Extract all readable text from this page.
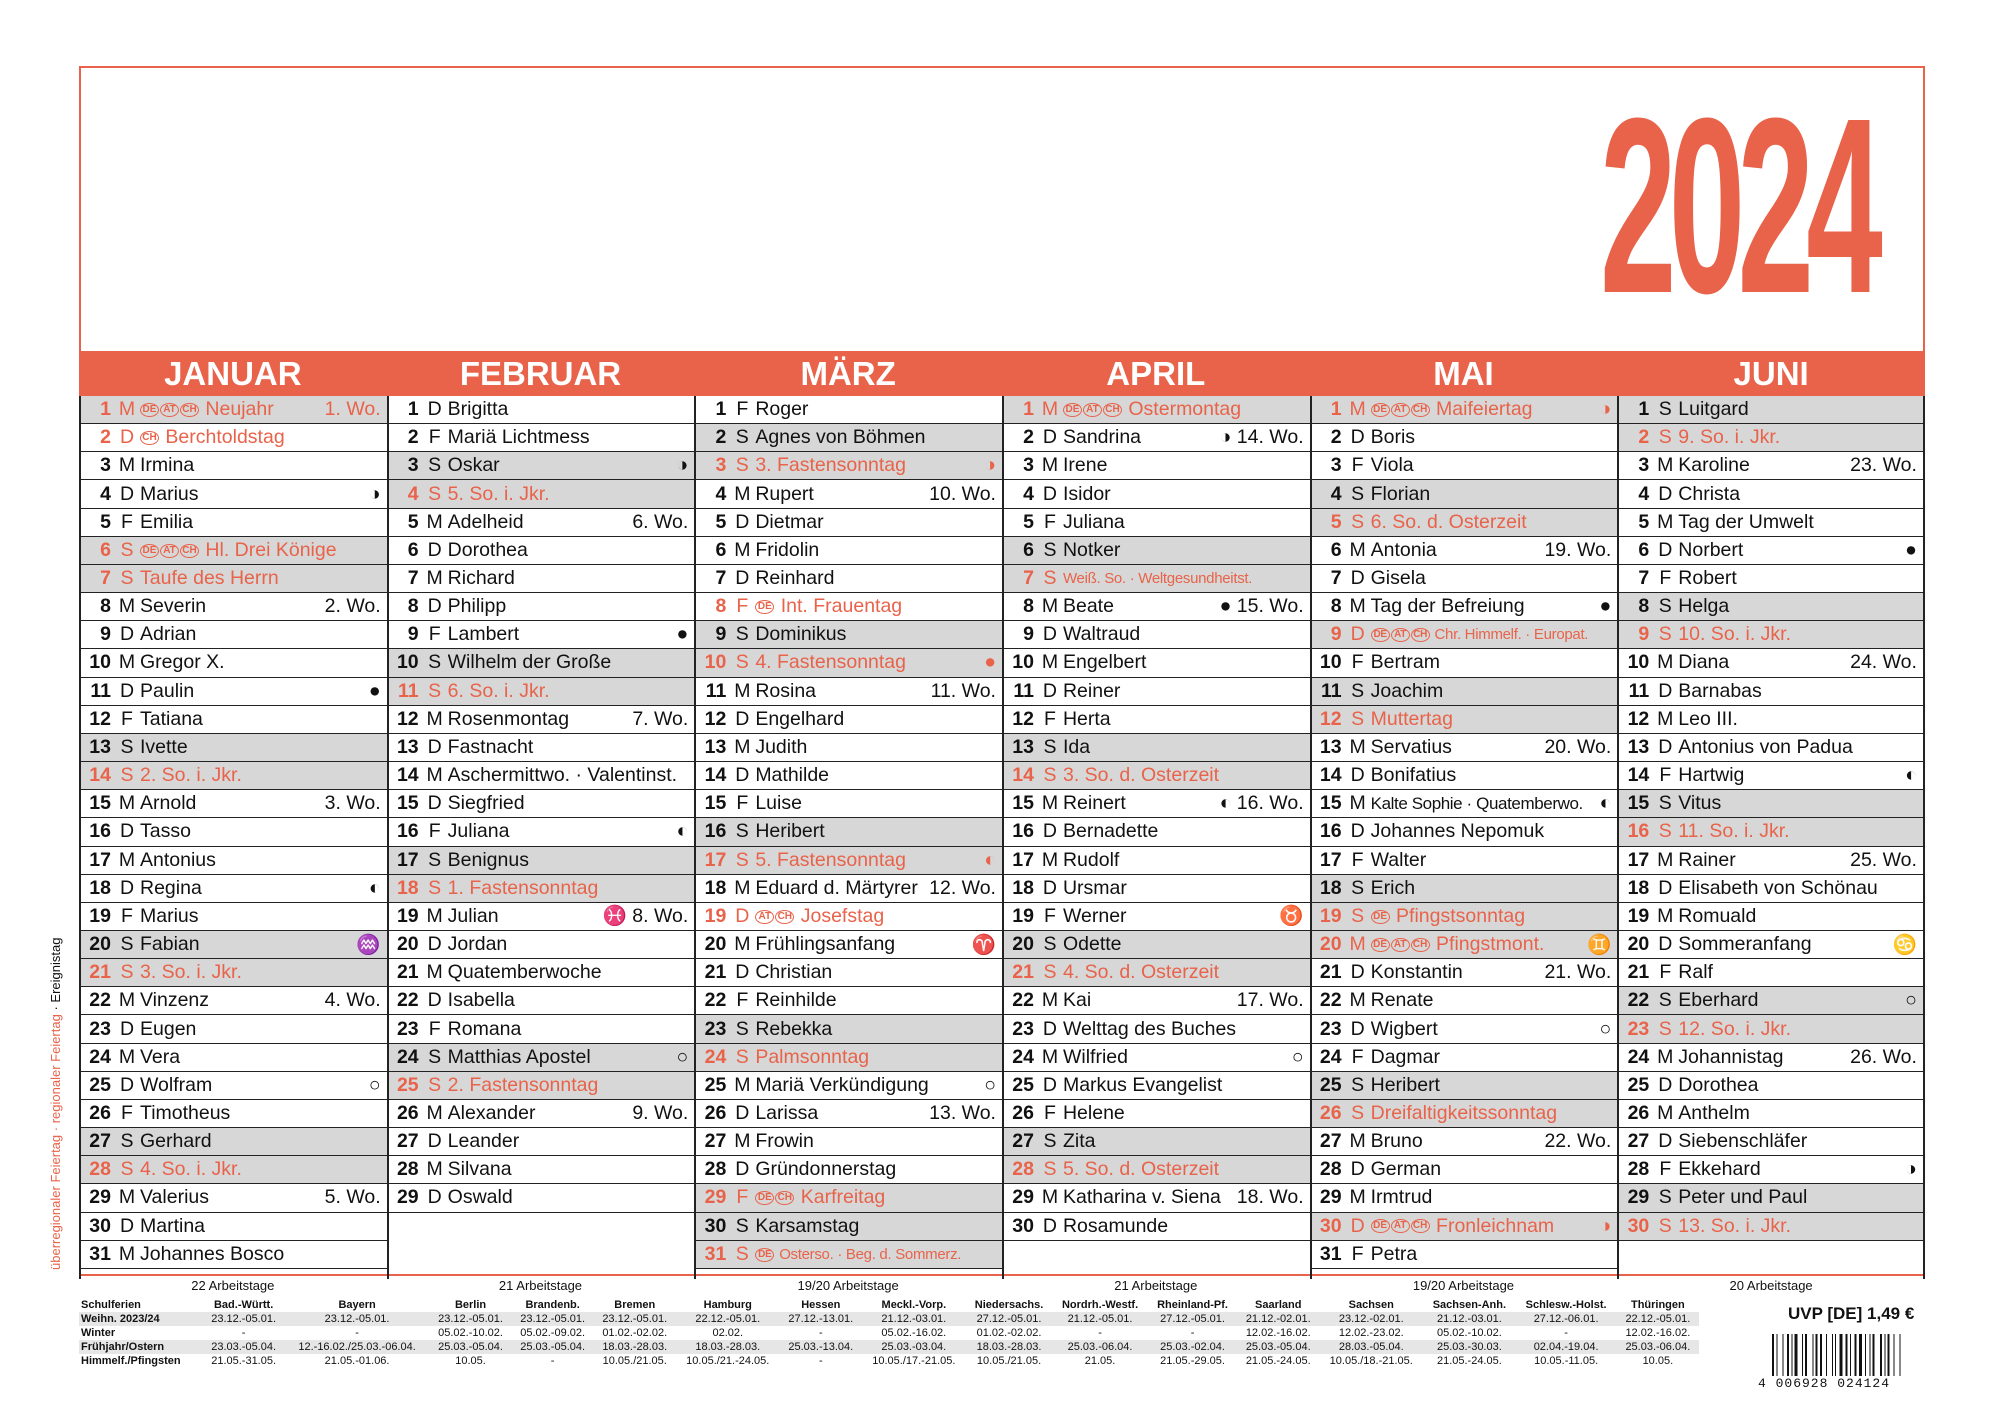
2024
JANUAR	FEBRUAR	MÄRZ	APRIL	MAI	JUNI
1 M DE AT CH Neujahr	1. Wo.
2 D CH Berchtoldstag
3 M Irmina
4 D Marius	◑
5 F Emilia
6 S DE AT CH Hl. Drei Könige
7 S Taufe des Herrn
8 M Severin	2. Wo.
9 D Adrian
10 M Gregor X.
11 D Paulin	●
12 F Tatiana
13 S Ivette
14 S 2. So. i. Jkr.
15 M Arnold	3. Wo.
16 D Tasso
17 M Antonius
18 D Regina	◐
19 F Marius
20 S Fabian	♒
21 S 3. So. i. Jkr.
22 M Vinzenz	4. Wo.
23 D Eugen
24 M Vera
25 D Wolfram	○
26 F Timotheus
27 S Gerhard
28 S 4. So. i. Jkr.
29 M Valerius	5. Wo.
30 D Martina
31 M Johannes Bosco
1 D Brigitta
2 F Mariä Lichtmess
3 S Oskar	◑
4 S 5. So. i. Jkr.
5 M Adelheid	6. Wo.
6 D Dorothea
7 M Richard
8 D Philipp
9 F Lambert	●
10 S Wilhelm der Große
11 S 6. So. i. Jkr.
12 M Rosenmontag	7. Wo.
13 D Fastnacht
14 M Aschermittwo. · Valentinst.
15 D Siegfried
16 F Juliana	◐
17 S Benignus
18 S 1. Fastensonntag
19 M Julian	♓ 8. Wo.
20 D Jordan
21 M Quatemberwoche
22 D Isabella
23 F Romana
24 S Matthias Apostel	○
25 S 2. Fastensonntag
26 M Alexander	9. Wo.
27 D Leander
28 M Silvana
29 D Oswald
1 F Roger
2 S Agnes von Böhmen
3 S 3. Fastensonntag	◑
4 M Rupert	10. Wo.
5 D Dietmar
6 M Fridolin
7 D Reinhard
8 F DE Int. Frauentag
9 S Dominikus
10 S 4. Fastensonntag	●
11 M Rosina	11. Wo.
12 D Engelhard
13 M Judith
14 D Mathilde
15 F Luise
16 S Heribert
17 S 5. Fastensonntag	◐
18 M Eduard d. Märtyrer 12. Wo.
19 D AT CH Josefstag
20 M Frühlingsanfang	♈
21 D Christian
22 F Reinhilde
23 S Rebekka
24 S Palmsonntag
25 M Mariä Verkündigung	○
26 D Larissa	13. Wo.
27 M Frowin
28 D Gründonnerstag
29 F DE CH Karfreitag
30 S Karsamstag
31 S DE Osterso. · Beg. d. Sommerz.
1 M DE AT CH Ostermontag
2 D Sandrina	◑ 14. Wo.
3 M Irene
4 D Isidor
5 F Juliana
6 S Notker
7 S Weiß. So. · Weltgesundheitst.
8 M Beate	● 15. Wo.
9 D Waltraud
10 M Engelbert
11 D Reiner
12 F Herta
13 S Ida
14 S 3. So. d. Osterzeit
15 M Reinert	◐ 16. Wo.
16 D Bernadette
17 M Rudolf
18 D Ursmar
19 F Werner	♉
20 S Odette
21 S 4. So. d. Osterzeit
22 M Kai	17. Wo.
23 D Welttag des Buches
24 M Wilfried	○
25 D Markus Evangelist
26 F Helene
27 S Zita
28 S 5. So. d. Osterzeit
29 M Katharina v. Siena 18. Wo.
30 D Rosamunde
1 M DE AT CH Maifeiertag	◑
2 D Boris
3 F Viola
4 S Florian
5 S 6. So. d. Osterzeit
6 M Antonia	19. Wo.
7 D Gisela
8 M Tag der Befreiung	●
9 D DE AT CH Chr. Himmelf. · Europat.
10 F Bertram
11 S Joachim
12 S Muttertag
13 M Servatius	20. Wo.
14 D Bonifatius
15 M Kalte Sophie · Quatemberwo. ◐
16 D Johannes Nepomuk
17 F Walter
18 S Erich
19 S DE Pfingstsonntag
20 M DE AT CH Pfingstmont.	♊
21 D Konstantin	21. Wo.
22 M Renate
23 D Wigbert	○
24 F Dagmar
25 S Heribert
26 S Dreifaltigkeitssonntag
27 M Bruno	22. Wo.
28 D German
29 M Irmtrud
30 D DE AT CH Fronleichnam	◑
31 F Petra
1 S Luitgard
2 S 9. So. i. Jkr.
3 M Karoline	23. Wo.
4 D Christa
5 M Tag der Umwelt
6 D Norbert	●
7 F Robert
8 S Helga
9 S 10. So. i. Jkr.
10 M Diana	24. Wo.
11 D Barnabas
12 M Leo III.
13 D Antonius von Padua
14 F Hartwig	◐
15 S Vitus
16 S 11. So. i. Jkr.
17 M Rainer	25. Wo.
18 D Elisabeth von Schönau
19 M Romuald
20 D Sommeranfang	♋
21 F Ralf
22 S Eberhard	○
23 S 12. So. i. Jkr.
24 M Johannistag	26. Wo.
25 D Dorothea
26 M Anthelm
27 D Siebenschläfer
28 F Ekkehard	◑
29 S Peter und Paul
30 S 13. So. i. Jkr.
überregionaler Feiertag · regionaler Feiertag · Ereignistag
22 Arbeitstage	21 Arbeitstage	19/20 Arbeitstage	21 Arbeitstage	19/20 Arbeitstage	20 Arbeitstage
Schulferien	Bad.-Württ.	Bayern	Berlin	Brandenb.	Bremen	Hamburg	Hessen	Meckl.-Vorp.	Niedersachs.	Nordrh.-Westf.	Rheinland-Pf.	Saarland	Sachsen	Sachsen-Anh.	Schlesw.-Holst.	Thüringen
Weihn. 2023/24	23.12.-05.01.	23.12.-05.01.	23.12.-05.01.	23.12.-05.01.	23.12.-05.01.	22.12.-05.01.	27.12.-13.01.	21.12.-03.01.	27.12.-05.01.	21.12.-05.01.	27.12.-05.01.	21.12.-02.01.	23.12.-02.01.	21.12.-03.01.	27.12.-06.01.	22.12.-05.01.
Winter	-	-	05.02.-10.02.	05.02.-09.02.	01.02.-02.02.	02.02.	-	05.02.-16.02.	01.02.-02.02.	-	-	12.02.-16.02.	12.02.-23.02.	05.02.-10.02.	-	12.02.-16.02.
Frühjahr/Ostern	23.03.-05.04.	12.-16.02./25.03.-06.04.	25.03.-05.04.	25.03.-05.04.	18.03.-28.03.	18.03.-28.03.	25.03.-13.04.	25.03.-03.04.	18.03.-28.03.	25.03.-06.04.	25.03.-02.04.	25.03.-05.04.	28.03.-05.04.	25.03.-30.03.	02.04.-19.04.	25.03.-06.04.
Himmelf./Pfingsten	21.05.-31.05.	21.05.-01.06.	10.05.	-	10.05./21.05.	10.05./21.-24.05.	-	10.05./17.-21.05.	10.05./21.05.	21.05.	21.05.-29.05.	21.05.-24.05.	10.05./18.-21.05.	21.05.-24.05.	10.05.-11.05.	10.05.
UVP [DE] 1,49 €
4 006928 024124
